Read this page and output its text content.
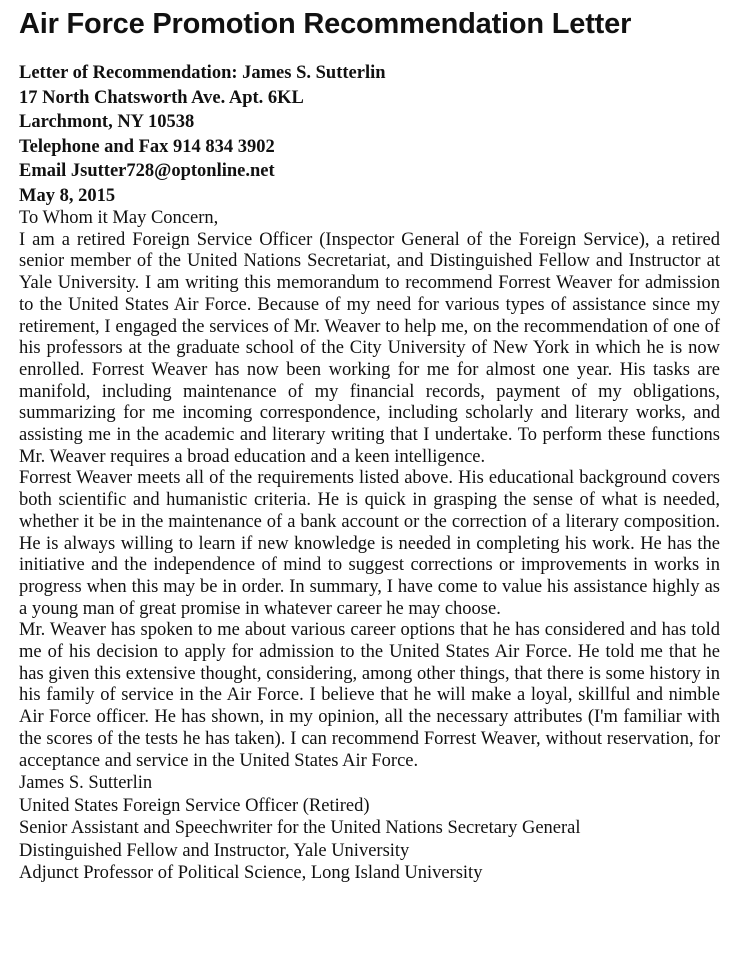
Air Force Promotion Recommendation Letter
Letter of Recommendation: James S. Sutterlin
17 North Chatsworth Ave. Apt. 6KL
Larchmont, NY 10538
Telephone and Fax 914 834 3902
Email Jsutter728@optonline.net
May 8, 2015
To Whom it May Concern,

I am a retired Foreign Service Officer (Inspector General of the Foreign Service), a retired senior member of the United Nations Secretariat, and Distinguished Fellow and Instructor at Yale University. I am writing this memorandum to recommend Forrest Weaver for admission to the United States Air Force. Because of my need for various types of assistance since my retirement, I engaged the services of Mr. Weaver to help me, on the recommendation of one of his professors at the graduate school of the City University of New York in which he is now enrolled. Forrest Weaver has now been working for me for almost one year. His tasks are manifold, including maintenance of my financial records, payment of my obligations, summarizing for me incoming correspondence, including scholarly and literary works, and assisting me in the academic and literary writing that I undertake. To perform these functions Mr. Weaver requires a broad education and a keen intelligence.

Forrest Weaver meets all of the requirements listed above. His educational background covers both scientific and humanistic criteria. He is quick in grasping the sense of what is needed, whether it be in the maintenance of a bank account or the correction of a literary composition. He is always willing to learn if new knowledge is needed in completing his work. He has the initiative and the independence of mind to suggest corrections or improvements in works in progress when this may be in order. In summary, I have come to value his assistance highly as a young man of great promise in whatever career he may choose.

Mr. Weaver has spoken to me about various career options that he has considered and has told me of his decision to apply for admission to the United States Air Force. He told me that he has given this extensive thought, considering, among other things, that there is some history in his family of service in the Air Force. I believe that he will make a loyal, skillful and nimble Air Force officer. He has shown, in my opinion, all the necessary attributes (I'm familiar with the scores of the tests he has taken). I can recommend Forrest Weaver, without reservation, for acceptance and service in the United States Air Force.

James S. Sutterlin
United States Foreign Service Officer (Retired)
Senior Assistant and Speechwriter for the United Nations Secretary General
Distinguished Fellow and Instructor, Yale University
Adjunct Professor of Political Science, Long Island University
